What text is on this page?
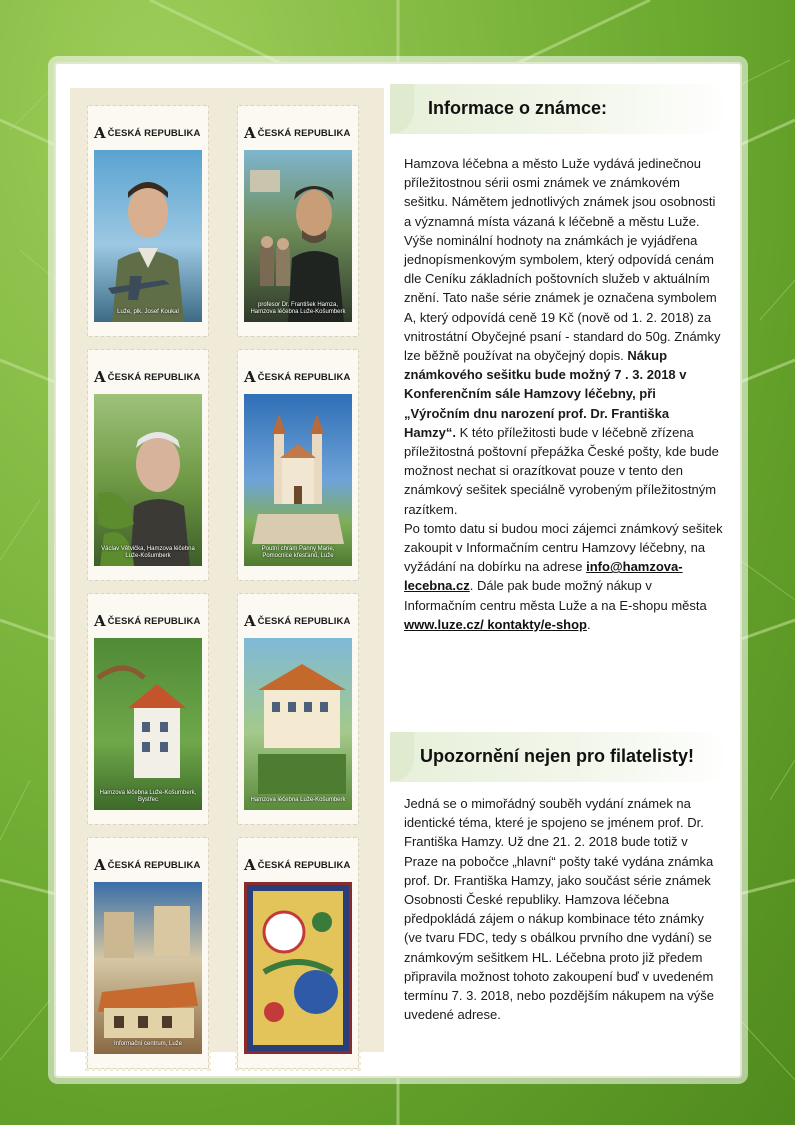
A ČESKÁ REPUBLIKA
Luže, plk. Josef Koukal
A ČESKÁ REPUBLIKA
profesor Dr. František Hamza, Hamzova léčebna Luže-Košumberk
A ČESKÁ REPUBLIKA
Václav Větvička, Hamzova léčebna Luže-Košumberk
A ČESKÁ REPUBLIKA
Poutní chrám Panny Marie, Pomocnice křesťanů, Luže
A ČESKÁ REPUBLIKA
Hamzova léčebna Luže-Košumberk, Bystřec
A ČESKÁ REPUBLIKA
Hamzova léčebna Luže-Košumberk
A ČESKÁ REPUBLIKA
Informační centrum, Luže
A ČESKÁ REPUBLIKA
Informace o známce:

Hamzova léčebna a město Luže vydává jedinečnou příležitostnou sérii osmi známek ve známkovém sešitku. Námětem jednotlivých známek jsou osobnosti a významná místa vázaná k léčebně a městu Luže.

Výše nominální hodnoty na známkách je vyjádřena jednopísmenkovým symbolem, který odpovídá cenám dle Ceníku základních poštovních služeb v aktuálním znění. Tato naše série známek je označena symbolem A, který odpovídá ceně 19 Kč (nově od 1. 2. 2018) za vnitrostátní Obyčejné psaní - standard do 50g. Známky lze běžně používat na obyčejný dopis. Nákup známkového sešitku bude možný 7 . 3. 2018 v Konferenčním sále Hamzovy léčebny, při „Výročním dnu narození prof. Dr. Františka Hamzy“. K této příležitosti bude v léčebně zřízena příležitostná poštovní přepážka České pošty, kde bude možnost nechat si orazítkovat pouze v tento den známkový sešitek speciálně vyrobeným příležitostným razítkem.

Po tomto datu si budou moci zájemci známkový sešitek zakoupit v Informačním centru Hamzovy léčebny, na vyžádání na dobírku na adrese info@hamzova-lecebna.cz. Dále pak bude možný nákup v Informačním centru města Luže a na E-shopu města www.luze.cz/ kontakty/e-shop.

Upozornění nejen pro filatelisty!

Jedná se o mimořádný souběh vydání známek na identické téma, které je spojeno se jménem prof. Dr. Františka Hamzy. Už dne 21. 2. 2018 bude totiž v Praze na pobočce „hlavní“ pošty také vydána známka prof. Dr. Františka Hamzy, jako součást série známek Osobnosti České republiky. Hamzova léčebna předpokládá zájem o nákup kombinace této známky (ve tvaru FDC, tedy s obálkou prvního dne vydání) se známkovým sešitkem HL. Léčebna proto již předem připravila možnost tohoto zakoupení buď v uvedeném termínu 7. 3. 2018, nebo pozdějším nákupem na výše uvedené adrese.
